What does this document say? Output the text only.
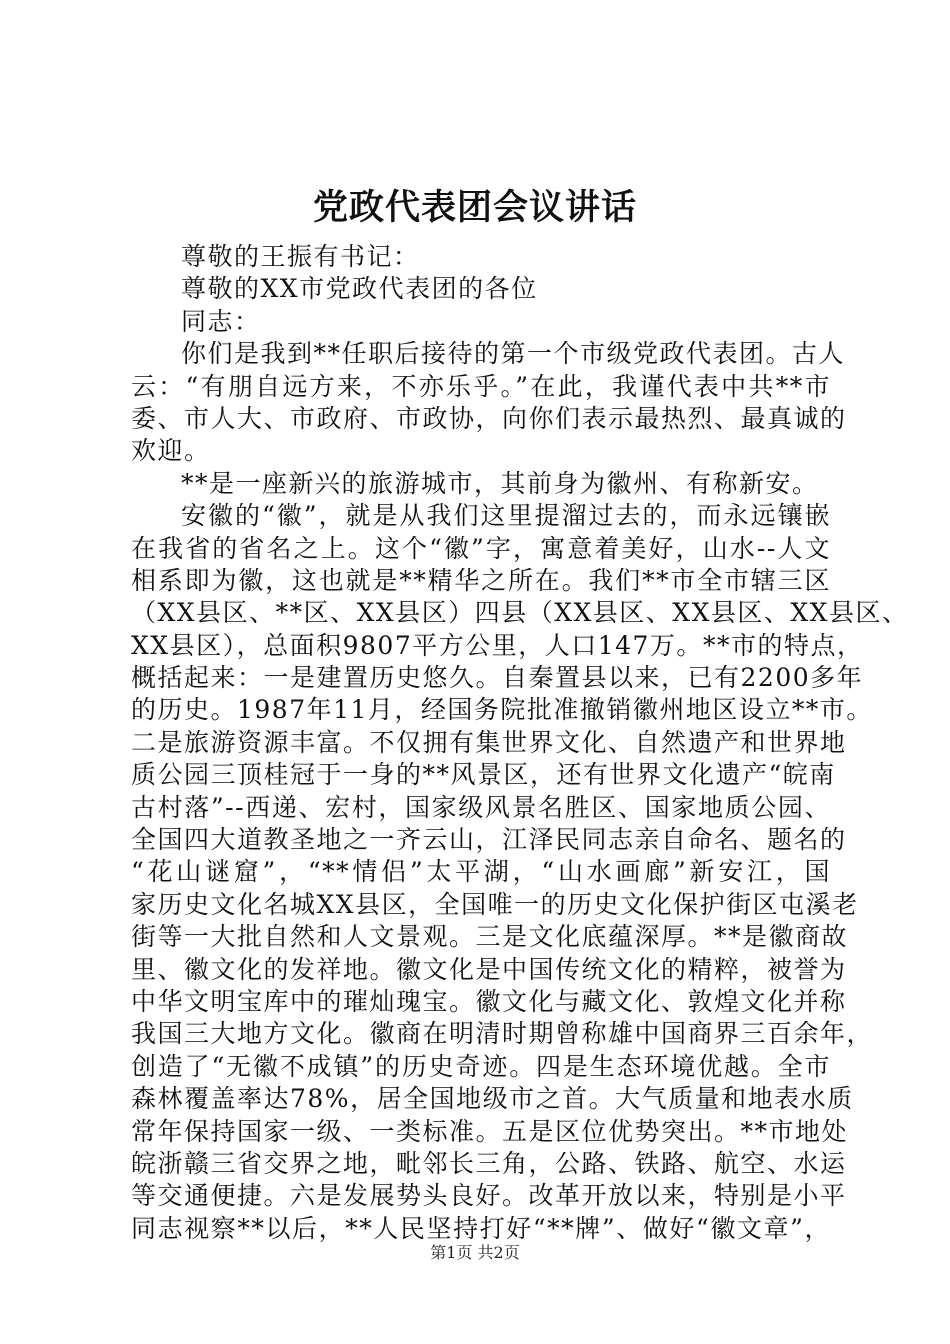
党政代表团会议讲话
尊敬的王振有书记：
尊敬的XX市党政代表团的各位
同志：
你们是我到**任职后接待的第一个市级党政代表团。古人
云：“有朋自远方来，不亦乐乎。”在此，我谨代表中共**市
委、市人大、市政府、市政协，向你们表示最热烈、最真诚的
欢迎。
**是一座新兴的旅游城市，其前身为徽州、有称新安。
安徽的“徽”，就是从我们这里提溜过去的，而永远镶嵌
在我省的省名之上。这个“徽”字，寓意着美好，山水--人文
相系即为徽，这也就是**精华之所在。我们**市全市辖三区
（XX县区、**区、XX县区）四县（XX县区、XX县区、XX县区、
XX县区），总面积9807平方公里，人口147万。**市的特点，
概括起来：一是建置历史悠久。自秦置县以来，已有2200多年
的历史。1987年11月，经国务院批准撤销徽州地区设立**市。
二是旅游资源丰富。不仅拥有集世界文化、自然遗产和世界地
质公园三顶桂冠于一身的**风景区，还有世界文化遗产“皖南
古村落”--西递、宏村，国家级风景名胜区、国家地质公园、
全国四大道教圣地之一齐云山，江泽民同志亲自命名、题名的
“花山谜窟”，“**情侣”太平湖，“山水画廊”新安江，国
家历史文化名城XX县区，全国唯一的历史文化保护街区屯溪老
街等一大批自然和人文景观。三是文化底蕴深厚。**是徽商故
里、徽文化的发祥地。徽文化是中国传统文化的精粹，被誉为
中华文明宝库中的璀灿瑰宝。徽文化与藏文化、敦煌文化并称
我国三大地方文化。徽商在明清时期曾称雄中国商界三百余年，
创造了“无徽不成镇”的历史奇迹。四是生态环境优越。全市
森林覆盖率达78%，居全国地级市之首。大气质量和地表水质
常年保持国家一级、一类标准。五是区位优势突出。**市地处
皖浙赣三省交界之地，毗邻长三角，公路、铁路、航空、水运
等交通便捷。六是发展势头良好。改革开放以来，特别是小平
同志视察**以后，**人民坚持打好“**牌”、做好“徽文章”，
第1页 共2页
